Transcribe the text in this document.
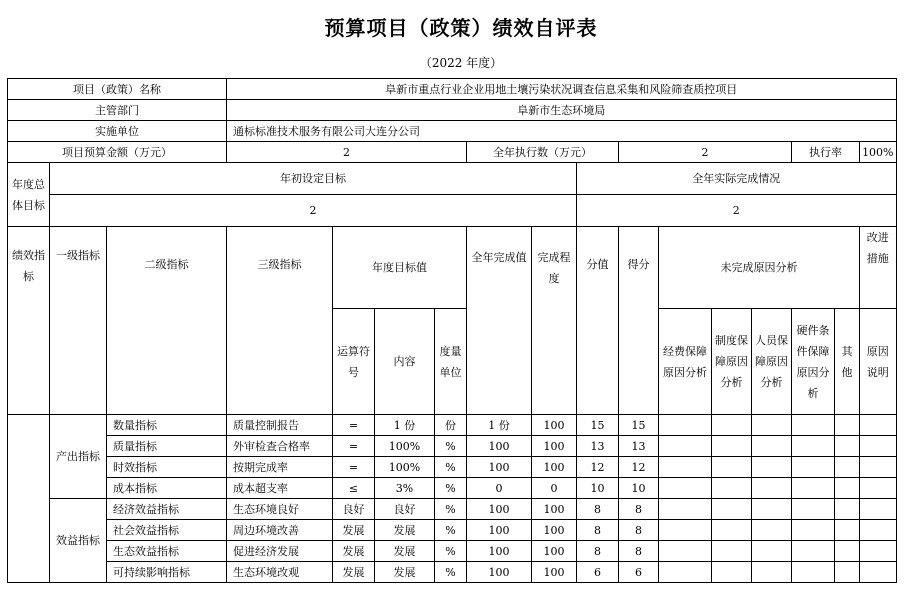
预算项目（政策）绩效自评表
（2022 年度）
项目（政策）名称			阜新市重点行业企业用地土壤污染状况调查信息采集和风险筛查质控项目													
主管部门			阜新市生态环境局													
实施单位			通标标准技术服务有限公司大连分公司													
项目预算金额（万元）			2				全年执行数（万元）			2				执行率		100%
年度总体目标	年初设定目标								全年实际完成情况							
	2								2							
绩效指标	一级指标	二级指标	三级指标	年度目标值			全年完成值	完成程度	分值	得分	未完成原因分析					改进措施
				运算符号	内容	度量单位					经费保障原因分析	制度保障原因分析	人员保障原因分析	硬件条件保障原因分析	其他	原因说明
	产出指标	数量指标	质量控制报告	=	1 份	份	1 份	100	15	15						
		质量指标	外审检查合格率	=	100%	%	100	100	13	13						
		时效指标	按期完成率	=	100%	%	100	100	12	12						
		成本指标	成本超支率	≤	3%	%	0	0	10	10						
	效益指标	经济效益指标	生态环境良好	良好	良好	%	100	100	8	8						
		社会效益指标	周边环境改善	发展	发展	%	100	100	8	8						
		生态效益指标	促进经济发展	发展	发展	%	100	100	8	8						
		可持续影响指标	生态环境改观	发展	发展	%	100	100	6	6						
